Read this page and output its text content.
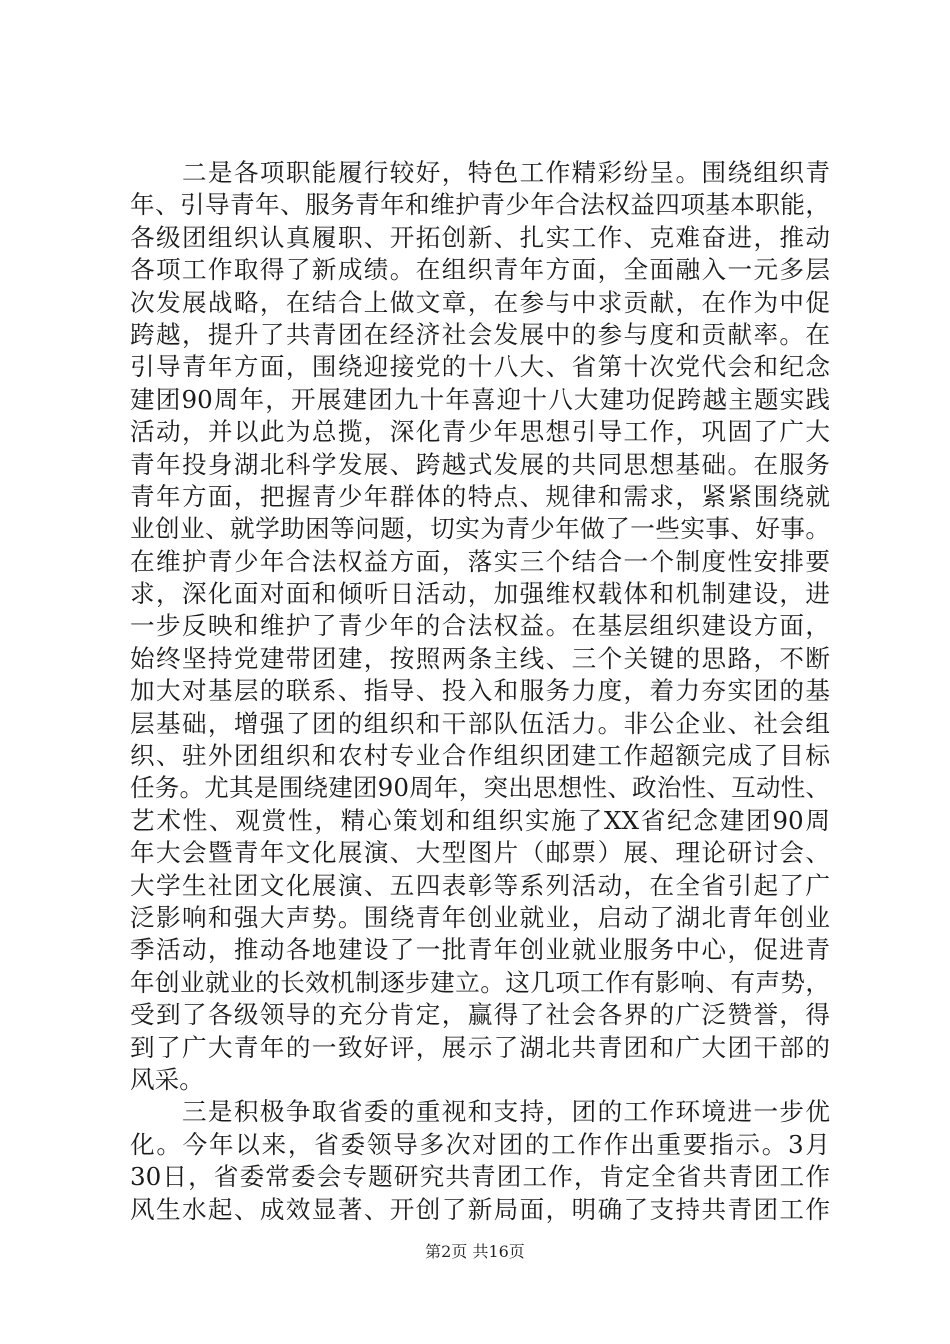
　　二是各项职能履行较好，特色工作精彩纷呈。围绕组织青
年、引导青年、服务青年和维护青少年合法权益四项基本职能，
各级团组织认真履职、开拓创新、扎实工作、克难奋进，推动
各项工作取得了新成绩。在组织青年方面，全面融入一元多层
次发展战略，在结合上做文章，在参与中求贡献，在作为中促
跨越，提升了共青团在经济社会发展中的参与度和贡献率。在
引导青年方面，围绕迎接党的十八大、省第十次党代会和纪念
建团90周年，开展建团九十年喜迎十八大建功促跨越主题实践
活动，并以此为总揽，深化青少年思想引导工作，巩固了广大
青年投身湖北科学发展、跨越式发展的共同思想基础。在服务
青年方面，把握青少年群体的特点、规律和需求，紧紧围绕就
业创业、就学助困等问题，切实为青少年做了一些实事、好事。
在维护青少年合法权益方面，落实三个结合一个制度性安排要
求，深化面对面和倾听日活动，加强维权载体和机制建设，进
一步反映和维护了青少年的合法权益。在基层组织建设方面，
始终坚持党建带团建，按照两条主线、三个关键的思路，不断
加大对基层的联系、指导、投入和服务力度，着力夯实团的基
层基础，增强了团的组织和干部队伍活力。非公企业、社会组
织、驻外团组织和农村专业合作组织团建工作超额完成了目标
任务。尤其是围绕建团90周年，突出思想性、政治性、互动性、
艺术性、观赏性，精心策划和组织实施了XX省纪念建团90周
年大会暨青年文化展演、大型图片（邮票）展、理论研讨会、
大学生社团文化展演、五四表彰等系列活动，在全省引起了广
泛影响和强大声势。围绕青年创业就业，启动了湖北青年创业
季活动，推动各地建设了一批青年创业就业服务中心，促进青
年创业就业的长效机制逐步建立。这几项工作有影响、有声势，
受到了各级领导的充分肯定，赢得了社会各界的广泛赞誉，得
到了广大青年的一致好评，展示了湖北共青团和广大团干部的
风采。
　　三是积极争取省委的重视和支持，团的工作环境进一步优
化。今年以来，省委领导多次对团的工作作出重要指示。3月
30日，省委常委会专题研究共青团工作，肯定全省共青团工作
风生水起、成效显著、开创了新局面，明确了支持共青团工作
第2页 共16页
